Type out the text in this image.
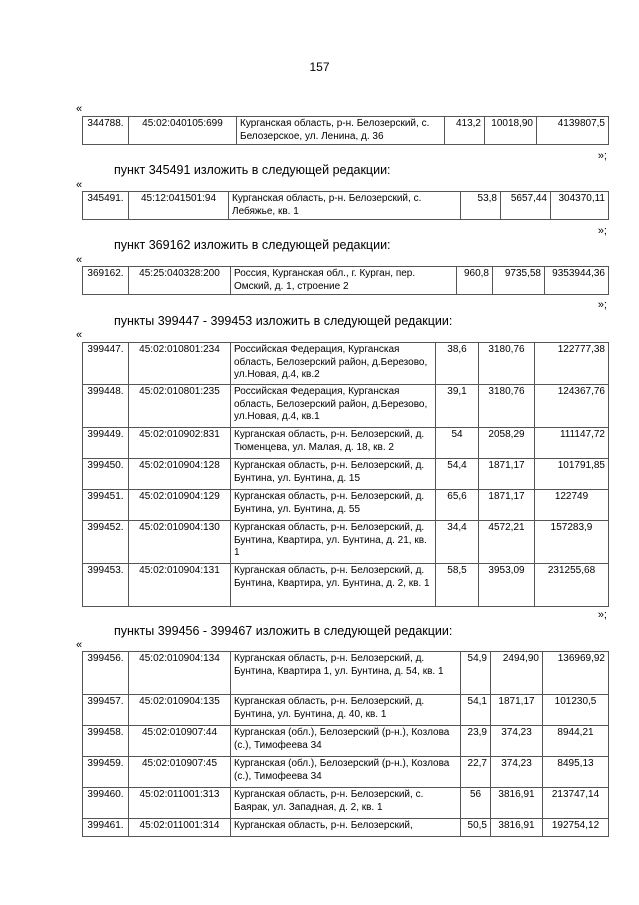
157
«
344788.	45:02:040105:699	Курганская область, р-н. Белозерский, с. Белозерское, ул. Ленина, д. 36	413,2	10018,90	4139807,5
»;
пункт 345491 изложить в следующей редакции:
«
345491.	45:12:041501:94	Курганская область, р-н. Белозерский, с. Лебяжье, кв. 1	53,8	5657,44	304370,11
»;
пункт 369162 изложить в следующей редакции:
«
369162.	45:25:040328:200	Россия, Курганская обл., г. Курган, пер. Омский, д. 1, строение 2	960,8	9735,58	9353944,36
»;
пункты 399447 - 399453 изложить в следующей редакции:
«
399447.	45:02:010801:234	Российская Федерация, Курганская область, Белозерский район, д.Березово, ул.Новая, д.4, кв.2	38,6	3180,76	122777,38
399448.	45:02:010801:235	Российская Федерация, Курганская область, Белозерский район, д.Березово, ул.Новая, д.4, кв.1	39,1	3180,76	124367,76
399449.	45:02:010902:831	Курганская область, р-н. Белозерский, д. Тюменцева, ул. Малая, д. 18, кв. 2	54	2058,29	111147,72
399450.	45:02:010904:128	Курганская область, р-н. Белозерский, д. Бунтина, ул. Бунтина, д. 15	54,4	1871,17	101791,85
399451.	45:02:010904:129	Курганская область, р-н. Белозерский, д. Бунтина, ул. Бунтина, д. 55	65,6	1871,17	122749
399452.	45:02:010904:130	Курганская область, р-н. Белозерский, д. Бунтина, Квартира, ул. Бунтина, д. 21, кв. 1	34,4	4572,21	157283,9
399453.	45:02:010904:131	Курганская область, р-н. Белозерский, д. Бунтина, Квартира, ул. Бунтина, д. 2, кв. 1	58,5	3953,09	231255,68
»;
пункты 399456 - 399467 изложить в следующей редакции:
«
399456.	45:02:010904:134	Курганская область, р-н. Белозерский, д. Бунтина, Квартира 1, ул. Бунтина, д. 54, кв. 1	54,9	2494,90	136969,92
399457.	45:02:010904:135	Курганская область, р-н. Белозерский, д. Бунтина, ул. Бунтина, д. 40, кв. 1	54,1	1871,17	101230,5
399458.	45:02:010907:44	Курганская (обл.), Белозерский (р-н.), Козлова (с.), Тимофеева 34	23,9	374,23	8944,21
399459.	45:02:010907:45	Курганская (обл.), Белозерский (р-н.), Козлова (с.), Тимофеева 34	22,7	374,23	8495,13
399460.	45:02:011001:313	Курганская область, р-н. Белозерский, с. Баярак, ул. Западная, д. 2, кв. 1	56	3816,91	213747,14
399461.	45:02:011001:314	Курганская область, р-н. Белозерский,	50,5	3816,91	192754,12
